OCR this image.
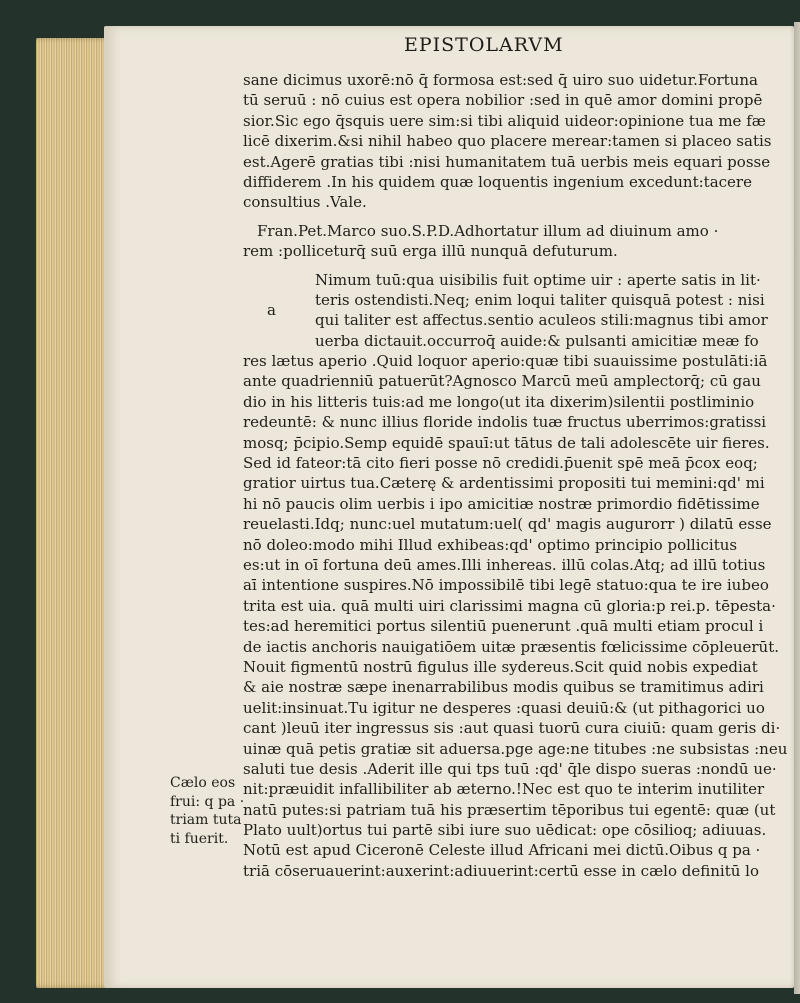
EPISTOLARVM
sane dicimus uxorē:nō q̄ formosa est:sed q̄ uiro suo uidetur.Fortuna
tū seruū : nō cuius est opera nobilior :sed in quē amor domini propē
sior.Sic ego q̄squis uere sim:si tibi aliquid uideor:opinione tua me fæ
licē dixerim.&si nihil habeo quo placere merear:tamen si placeo satis
est.Agerē gratias tibi :nisi humanitatem tuā uerbis meis equari posse
diffiderem .In his quidem quæ loquentis ingenium excedunt:tacere
consultius .Vale.
Fran.Pet.Marco suo.S.P.D.Adhortatur illum ad diuinum amo ·
rem :polliceturq̄ suū erga illū nunquā defuturum.
Nimum tuū:qua uisibilis fuit optime uir : aperte satis in lit·
teris ostendisti.Neq; enim loqui taliter quisquā potest : nisi
qui taliter est affectus.sentio aculeos stili:magnus tibi amor
uerba dictauit.occurroq̄ auide:& pulsanti amicitiæ meæ fo
res lætus aperio .Quid loquor aperio:quæ tibi suauissime postulāti:iā
ante quadrienniū patuerūt?Agnosco Marcū meū amplectorq̄; cū gau
dio in his litteris tuis:ad me longo(ut ita dixerim)silentii postliminio
redeuntē: & nunc illius floride indolis tuæ fructus uberrimos:gratissi
mosq; p̄cipio.Semp equidē spauī:ut tātus de tali adolescēte uir fieres.
Sed id fateor:tā cito fieri posse nō credidi.p̄uenit spē meā p̄cox eoq;
gratior uirtus tua.Cæterę & ardentissimi propositi tui memini:qd' mi
hi nō paucis olim uerbis i ipo amicitiæ nostræ primordio fidētissime
reuelasti.Idq; nunc:uel mutatum:uel( qd' magis augurorr ) dilatū esse
nō doleo:modo mihi Illud exhibeas:qd' optimo principio pollicitus
es:ut in oī fortuna deū ames.Illi inhereas. illū colas.Atq; ad illū totius
aī intentione suspires.Nō impossibilē tibi legē statuo:qua te ire iubeo
trita est uia. quā multi uiri clarissimi magna cū gloria:p rei.p. tēpesta·
tes:ad heremitici portus silentiū puenerunt .quā multi etiam procul i
de iactis anchoris nauigatiōem uitæ præsentis fœlicissime cōpleuerūt.
Nouit figmentū nostrū figulus ille sydereus.Scit quid nobis expediat
& aie nostræ sæpe inenarrabilibus modis quibus se tramitimus adiri
uelit:insinuat.Tu igitur ne desperes :quasi deuiū:& (ut pithagorici uo
cant )leuū iter ingressus sis :aut quasi tuorū cura ciuiū: quam geris di·
uinæ quā petis gratiæ sit aduersa.pge age:ne titubes :ne subsistas :neu
saluti tue desis .Aderit ille qui tps tuū :qd' q̄le dispo sueras :nondū ue·
nit:præuidit infallibiliter ab æterno.!Nec est quo te interim inutiliter
natū putes:si patriam tuā his præsertim tēporibus tui egentē: quæ (ut
Plato uult)ortus tui partē sibi iure suo uēdicat: ope cōsilioq; adiuuas.
Notū est apud Ciceronē Celeste illud Africani mei dictū.Oibus q pa ·
triā cōseruauerint:auxerint:adiuuerint:certū esse in cælo definitū lo
a
Cælo eos
frui: q pa ·
triam tuta
ti fuerit.
